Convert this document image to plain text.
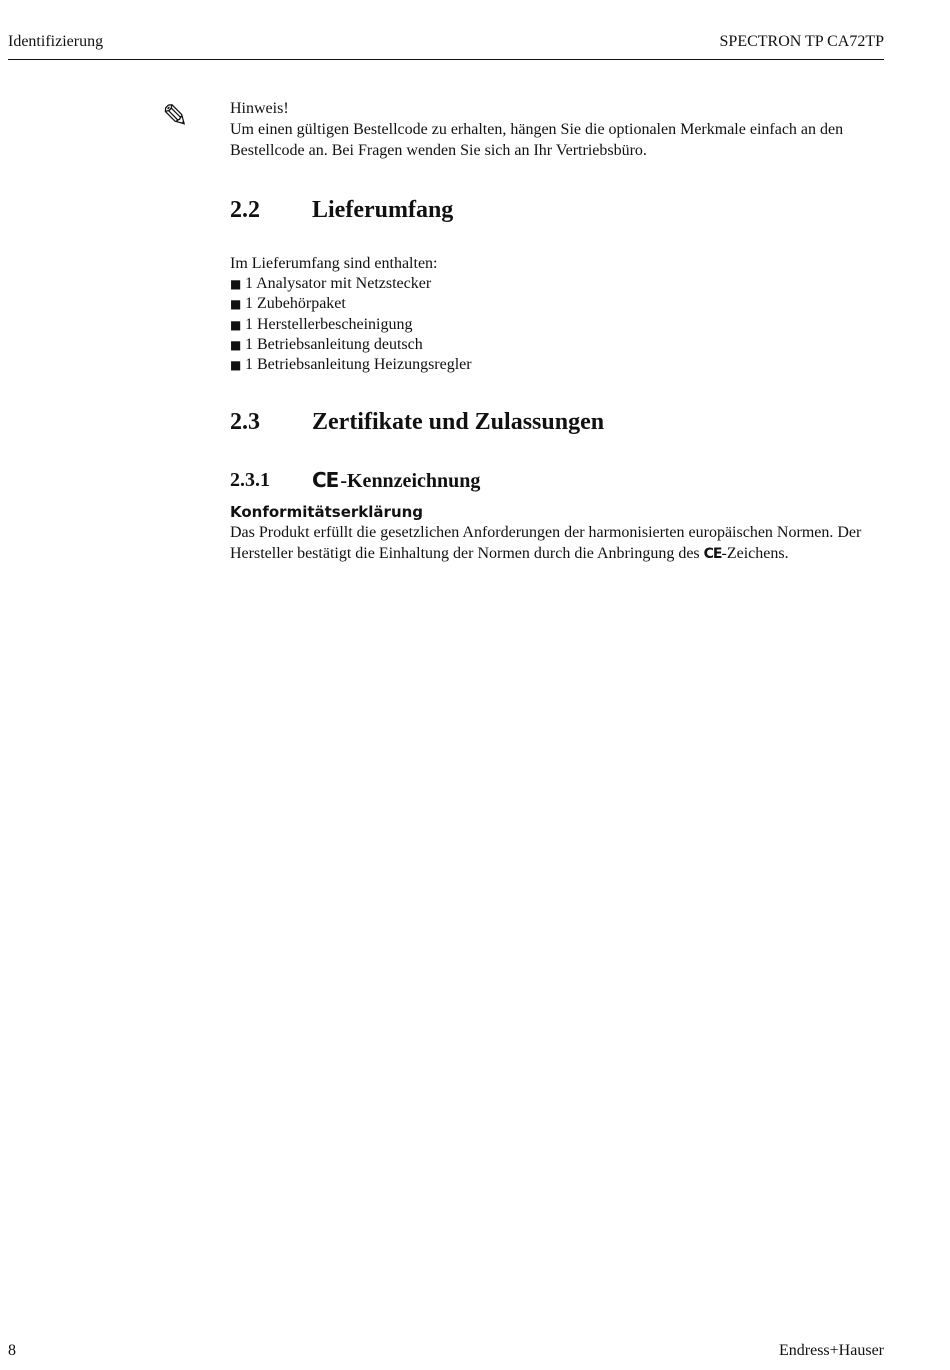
Identifizierung	SPECTRON TP CA72TP
✎	Hinweis!

Um einen gültigen Bestellcode zu erhalten, hängen Sie die optionalen Merkmale einfach an den Bestellcode an. Bei Fragen wenden Sie sich an Ihr Vertriebsbüro.

2.2	Lieferumfang

Im Lieferumfang sind enthalten:

■ 1 Analysator mit Netzstecker
■ 1 Zubehörpaket
■ 1 Herstellerbescheinigung
■ 1 Betriebsanleitung deutsch
■ 1 Betriebsanleitung Heizungsregler
2.3	Zertifikate und Zulassungen
2.3.1	CE -Kennzeichnung

Konformitätserklärung

Das Produkt erfüllt die gesetzlichen Anforderungen der harmonisierten europäischen Normen. Der Hersteller bestätigt die Einhaltung der Normen durch die Anbringung des CE-Zeichens.

8	Endress+Hauser
